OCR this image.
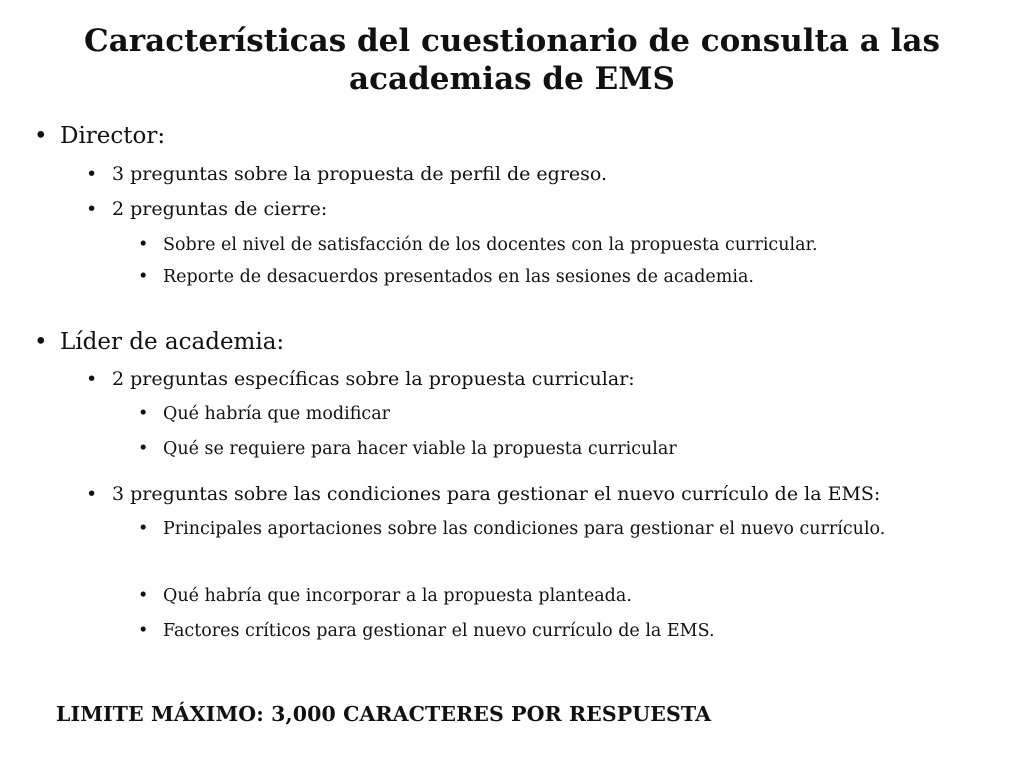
Características del cuestionario de consulta a las academias de EMS
• Director:
• 3 preguntas sobre la propuesta de perfil de egreso.
• 2 preguntas de cierre:
• Sobre el nivel de satisfacción de los docentes con la propuesta curricular.
• Reporte de desacuerdos presentados en las sesiones de academia.
• Líder de academia:
• 2 preguntas específicas sobre la propuesta curricular:
• Qué habría que modificar
• Qué se requiere para hacer viable la propuesta curricular
• 3 preguntas sobre las condiciones para gestionar el nuevo currículo de la EMS:
• Principales aportaciones sobre las condiciones para gestionar el nuevo currículo.
• Qué habría que incorporar a la propuesta planteada.
• Factores críticos para gestionar el nuevo currículo de la EMS.
LIMITE MÁXIMO: 3,000 CARACTERES POR RESPUESTA
